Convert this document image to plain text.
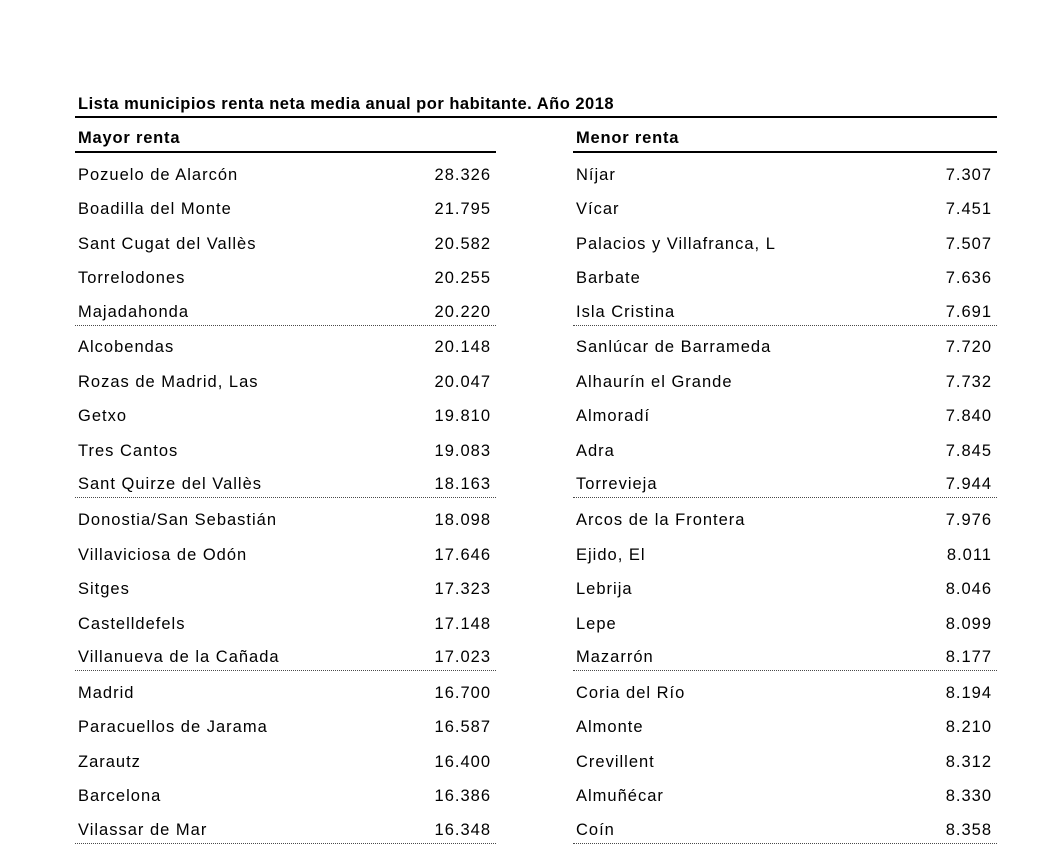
Lista municipios renta neta media anual por habitante. Año 2018
Mayor renta
Pozuelo de Alarcón	28.326
Boadilla del Monte	21.795
Sant Cugat del Vallès	20.582
Torrelodones	20.255
Majadahonda	20.220
Alcobendas	20.148
Rozas de Madrid, Las	20.047
Getxo	19.810
Tres Cantos	19.083
Sant Quirze del Vallès	18.163
Donostia/San Sebastián	18.098
Villaviciosa de Odón	17.646
Sitges	17.323
Castelldefels	17.148
Villanueva de la Cañada	17.023
Madrid	16.700
Paracuellos de Jarama	16.587
Zarautz	16.400
Barcelona	16.386
Vilassar de Mar	16.348
Menor renta
Níjar	7.307
Vícar	7.451
Palacios y Villafranca, L	7.507
Barbate	7.636
Isla Cristina	7.691
Sanlúcar de Barrameda	7.720
Alhaurín el Grande	7.732
Almoradí	7.840
Adra	7.845
Torrevieja	7.944
Arcos de la Frontera	7.976
Ejido, El	8.011
Lebrija	8.046
Lepe	8.099
Mazarrón	8.177
Coria del Río	8.194
Almonte	8.210
Crevillent	8.312
Almuñécar	8.330
Coín	8.358
